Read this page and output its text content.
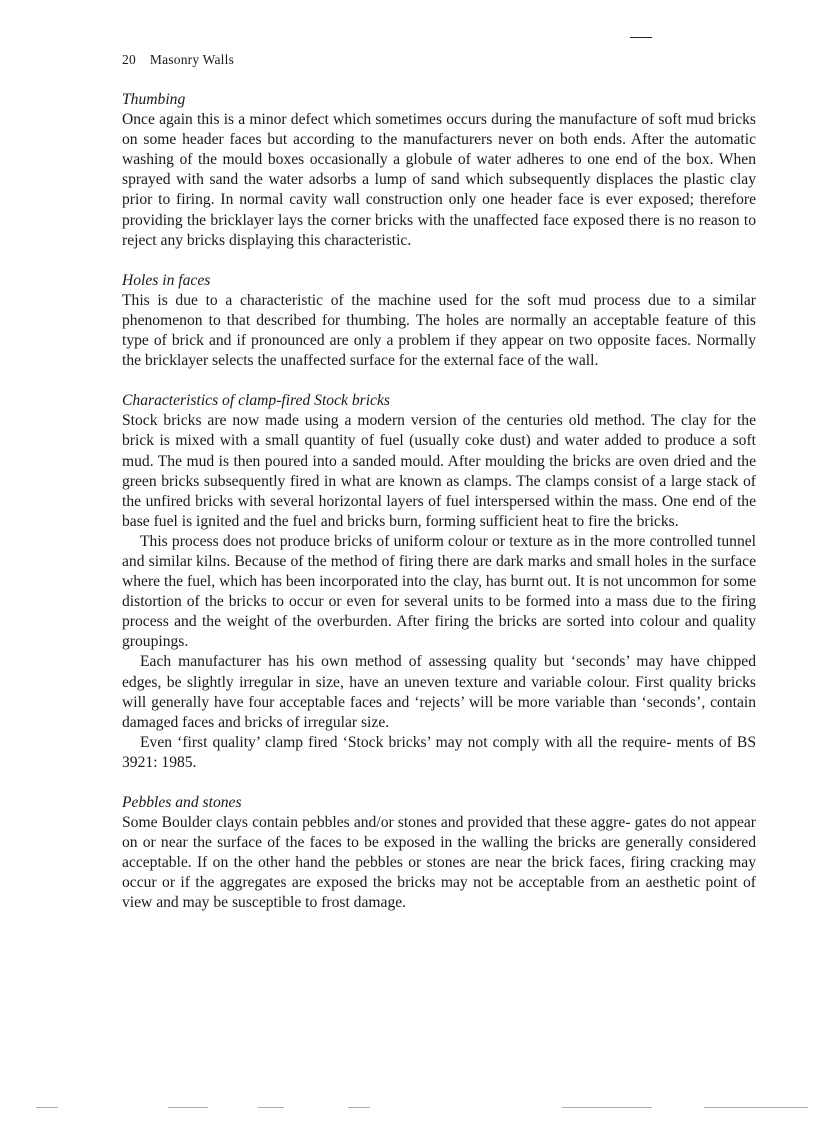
20 Masonry Walls
Thumbing

Once again this is a minor defect which sometimes occurs during the manufacture of soft mud bricks on some header faces but according to the manufacturers never on both ends. After the automatic washing of the mould boxes occasionally a globule of water adheres to one end of the box. When sprayed with sand the water adsorbs a lump of sand which subsequently displaces the plastic clay prior to firing. In normal cavity wall construction only one header face is ever exposed; therefore providing the bricklayer lays the corner bricks with the unaffected face exposed there is no reason to reject any bricks displaying this characteristic.

Holes in faces

This is due to a characteristic of the machine used for the soft mud process due to a similar phenomenon to that described for thumbing. The holes are normally an acceptable feature of this type of brick and if pronounced are only a problem if they appear on two opposite faces. Normally the bricklayer selects the unaffected surface for the external face of the wall.

Characteristics of clamp-fired Stock bricks

Stock bricks are now made using a modern version of the centuries old method. The clay for the brick is mixed with a small quantity of fuel (usually coke dust) and water added to produce a soft mud. The mud is then poured into a sanded mould. After moulding the bricks are oven dried and the green bricks subsequently fired in what are known as clamps. The clamps consist of a large stack of the unfired bricks with several horizontal layers of fuel interspersed within the mass. One end of the base fuel is ignited and the fuel and bricks burn, forming sufficient heat to fire the bricks.

This process does not produce bricks of uniform colour or texture as in the more controlled tunnel and similar kilns. Because of the method of firing there are dark marks and small holes in the surface where the fuel, which has been incorporated into the clay, has burnt out. It is not uncommon for some distortion of the bricks to occur or even for several units to be formed into a mass due to the firing process and the weight of the overburden. After firing the bricks are sorted into colour and quality groupings.

Each manufacturer has his own method of assessing quality but ‘seconds’ may have chipped edges, be slightly irregular in size, have an uneven texture and variable colour. First quality bricks will generally have four acceptable faces and ‘rejects’ will be more variable than ‘seconds’, contain damaged faces and bricks of irregular size.

Even ‘first quality’ clamp fired ‘Stock bricks’ may not comply with all the require- ments of BS 3921: 1985.

Pebbles and stones

Some Boulder clays contain pebbles and/or stones and provided that these aggre- gates do not appear on or near the surface of the faces to be exposed in the walling the bricks are generally considered acceptable. If on the other hand the pebbles or stones are near the brick faces, firing cracking may occur or if the aggregates are exposed the bricks may not be acceptable from an aesthetic point of view and may be susceptible to frost damage.
